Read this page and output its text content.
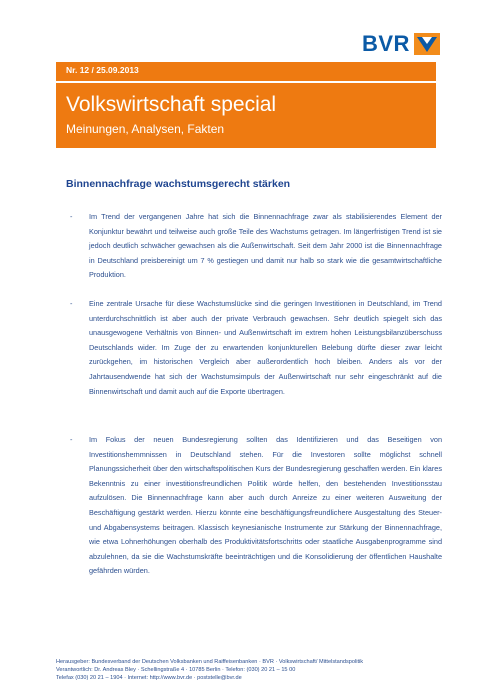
BVR
Nr. 12 / 25.09.2013
Volkswirtschaft special
Meinungen, Analysen, Fakten
Binnennachfrage wachstumsgerecht stärken
- Im Trend der vergangenen Jahre hat sich die Binnennachfrage zwar als stabilisierendes Element der Konjunktur bewährt und teilweise auch große Teile des Wachstums getragen. Im längerfristigen Trend ist sie jedoch deutlich schwächer gewachsen als die Außenwirtschaft. Seit dem Jahr 2000 ist die Binnennachfrage in Deutschland preisbereinigt um 7 % gestiegen und damit nur halb so stark wie die gesamtwirtschaftliche Produktion.
- Eine zentrale Ursache für diese Wachstumslücke sind die geringen Investitionen in Deutschland, im Trend unterdurchschnittlich ist aber auch der private Verbrauch gewachsen. Sehr deutlich spiegelt sich das unausgewogene Verhältnis von Binnen- und Außenwirtschaft im extrem hohen Leistungsbilanzüberschuss Deutschlands wider. Im Zuge der zu erwartenden konjunkturellen Belebung dürfte dieser zwar leicht zurückgehen, im historischen Vergleich aber außerordentlich hoch bleiben. Anders als vor der Jahrtausendwende hat sich der Wachstumsimpuls der Außenwirtschaft nur sehr eingeschränkt auf die Binnenwirtschaft und damit auch auf die Exporte übertragen.
- Im Fokus der neuen Bundesregierung sollten das Identifizieren und das Beseitigen von Investitionshemmnissen in Deutschland stehen. Für die Investoren sollte möglichst schnell Planungssicherheit über den wirtschaftspolitischen Kurs der Bundesregierung geschaffen werden. Ein klares Bekenntnis zu einer investitionsfreundlichen Politik würde helfen, den bestehenden Investitionsstau aufzulösen. Die Binnennachfrage kann aber auch durch Anreize zu einer weiteren Ausweitung der Beschäftigung gestärkt werden. Hierzu könnte eine beschäftigungsfreundlichere Ausgestaltung des Steuer- und Abgabensystems beitragen. Klassisch keynesianische Instrumente zur Stärkung der Binnennachfrage, wie etwa Lohnerhöhungen oberhalb des Produktivitätsfortschritts oder staatliche Ausgabenprogramme sind abzulehnen, da sie die Wachstumskräfte beeinträchtigen und die Konsolidierung der öffentlichen Haushalte gefährden würden.
Herausgeber: Bundesverband der Deutschen Volksbanken und Raiffeisenbanken · BVR · Volkswirtschaft/ Mittelstandspolitik
Verantwortlich: Dr. Andreas Bley · Schellingstraße 4 · 10785 Berlin · Telefon: (030) 20 21 – 15 00
Telefax (030) 20 21 – 1904 · Internet: http://www.bvr.de · poststelle@bvr.de
